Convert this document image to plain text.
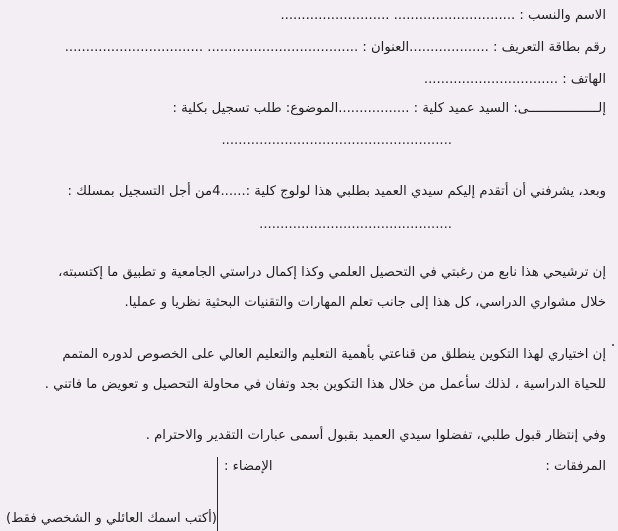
الاسم والنسب : ............................. ..........................
رقم بطاقة التعريف : ...................العنوان : .................................... .................................
الهاتف : ................................
إلــــــــــــــــــى: السيد عميد كلية : .................الموضوع: طلب تسجيل بكلية :
.......................................................
وبعد، يشرفني أن أتقدم إليكم سيدي العميد بطلبي هذا لولوج كلية :......4من أجل التسجيل بمسلك :
..............................................
إن ترشيحي هذا نابع من رغبتي في التحصيل العلمي وكذا إكمال دراستي الجامعية و تطبيق ما إكتسبته،
خلال مشواري الدراسي، كل هذا إلى جانب تعلم المهارات والتقنيات البحثية نظريا و عمليا.
إن اختياري لهذا التكوين ينطلق من قناعتي بأهمية التعليم والتعليم العالي على الخصوص لدوره المتمم
للحياة الدراسية ، لذلك سأعمل من خلال هذا التكوين بجد وتفان في محاولة التحصيل و تعويض ما فاتني .
وفي إنتظار قبول طلبي، تفضلوا سيدي العميد بقبول أسمى عبارات التقدير والاحترام .
المرفقات :
الإمضاء :
(أكتب اسمك العائلي و الشخصي فقط)
